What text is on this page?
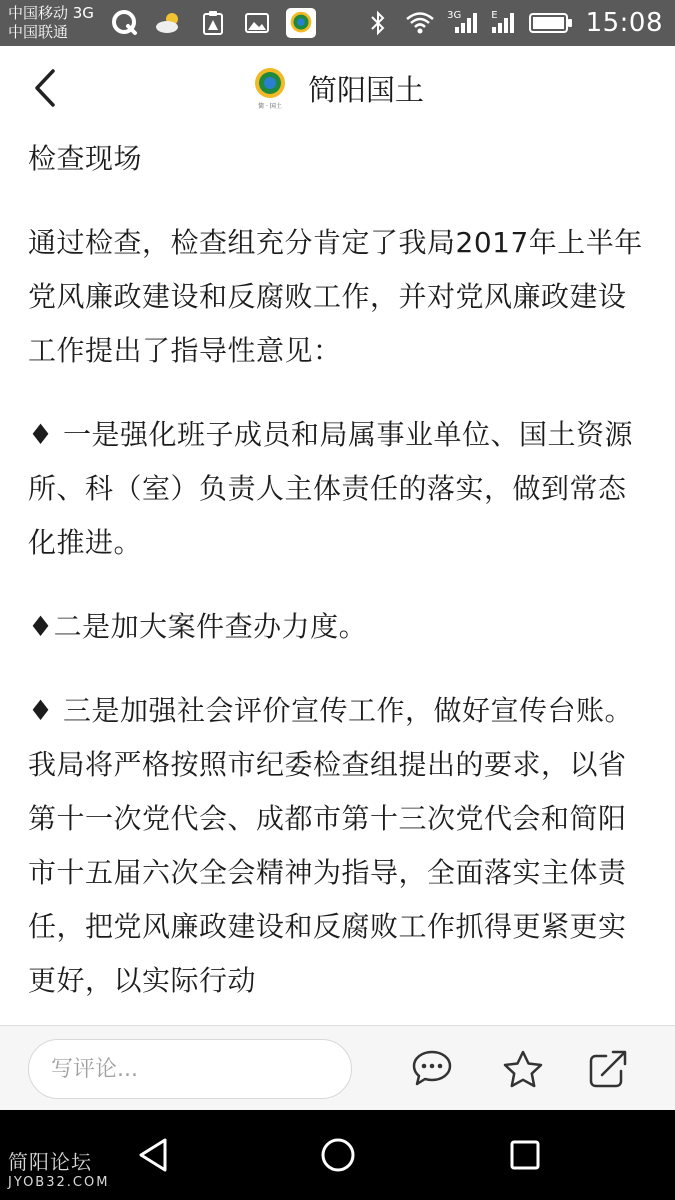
中国移动 3G
中国联通
3G	E	15:08
简 · 国土 简阳国土

检查现场

通过检查，检查组充分肯定了我局2017年上半年党风廉政建设和反腐败工作，并对党风廉政建设工作提出了指导性意见：

♦ 一是强化班子成员和局属事业单位、国土资源所、科（室）负责人主体责任的落实，做到常态化推进。

♦二是加大案件查办力度。

♦ 三是加强社会评价宣传工作，做好宣传台账。我局将严格按照市纪委检查组提出的要求，以省第十一次党代会、成都市第十三次党代会和简阳市十五届六次全会精神为指导，全面落实主体责任，把党风廉政建设和反腐败工作抓得更紧更实更好，以实际行动

写评论...
简阳论坛
JYOB32.COM
